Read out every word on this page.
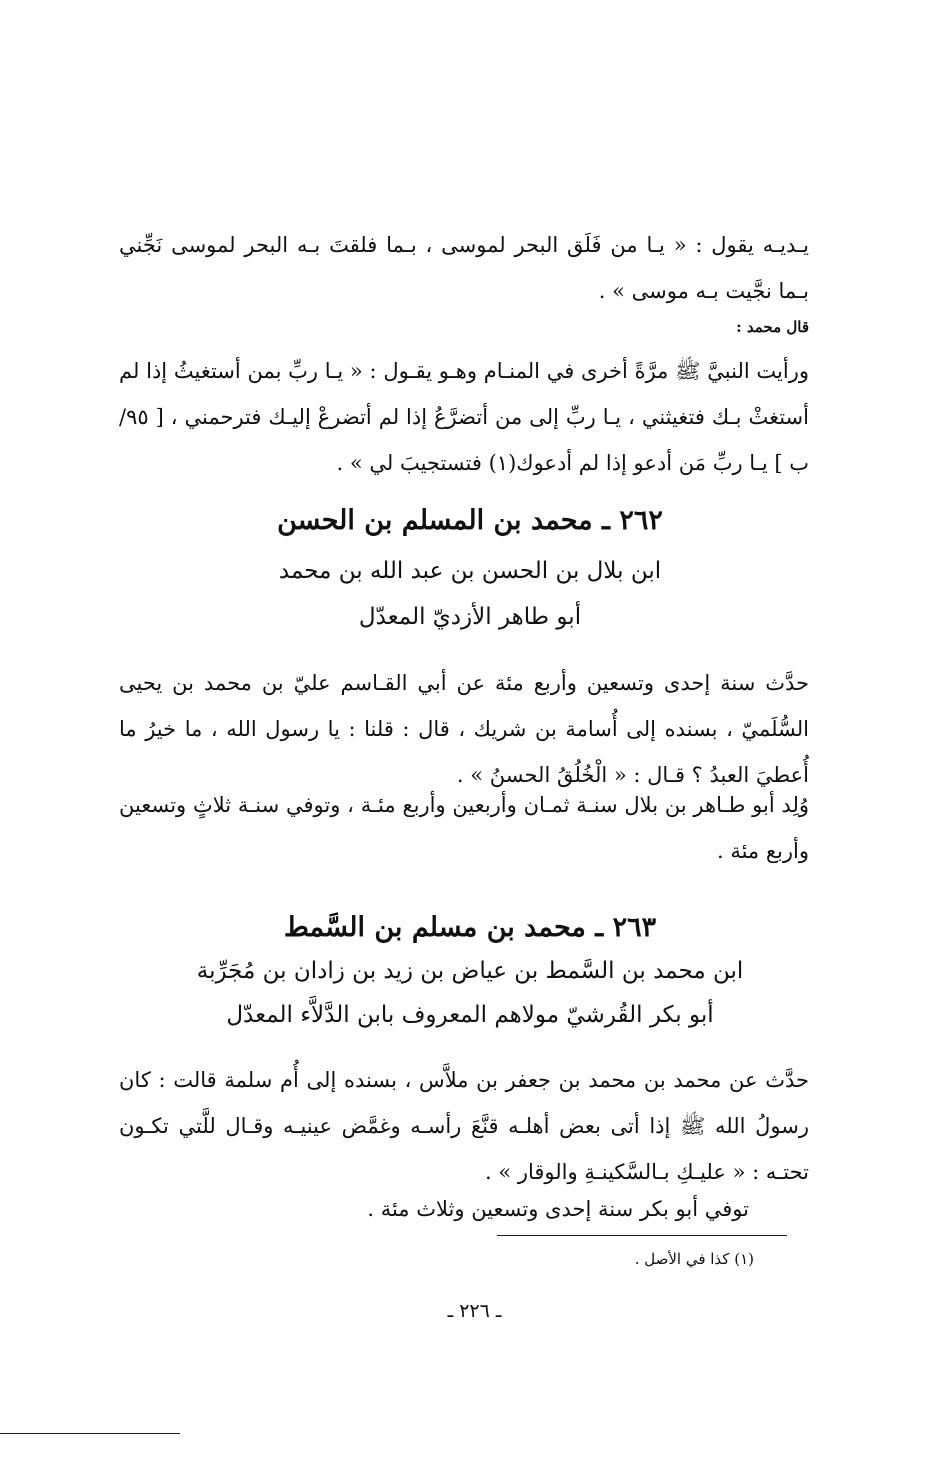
يـديـه يقول : « يـا من فَلَق البحر لموسى ، بـما فلقتَ بـه البحر لموسى نَجِّني بـما نجَّيت بـه موسى » .
قال محمد :
ورأيت النبيَّ ﷺ مرَّةً أخرى في المنـام وهـو يقـول : « يـا ربِّ بمن أستغيثُ إذا لم أستغثْ بـك فتغيثني ، يـا ربِّ إلى من أتضرَّعُ إذا لم أتضرعْ إليـك فترحمني ، [ ٩٥/ب ] يـا ربِّ مَن أدعو إذا لم أدعوك(١) فتستجيبَ لي » .
٢٦٢ ـ محمد بن المسلم بن الحسن
ابن بلال بن الحسن بن عبد الله بن محمد
أبو طاهر الأزديّ المعدّل
حدَّث سنة إحدى وتسعين وأربع مئة عن أبي القـاسم عليّ بن محمد بن يحيى السُّلَميّ ، بسنده إلى أُسامة بن شريك ، قال : قلنا : يا رسول الله ، ما خيرُ ما أُعطيَ العبدُ ؟ قـال : « الْخُلُقُ الحسنُ » .
وُلِد أبو طـاهر بن بلال سنـة ثمـان وأربعين وأربع مئـة ، وتوفي سنـة ثلاثٍ وتسعين وأربع مئة .
٢٦٣ ـ محمد بن مسلم بن السَّمط
ابن محمد بن السَّمط بن عياض بن زيد بن زادان بن مُجَرِّبة
أبو بكر القُرشيّ مولاهم المعروف بابن الدَّلاَّء المعدّل
حدَّث عن محمد بن محمد بن جعفر بن ملاَّس ، بسنده إلى أُم سلمة قالت : كان رسولُ الله ﷺ إذا أتى بعض أهلـه قنَّعَ رأسـه وغمَّض عينيـه وقـال للَّتي تكـون تحتـه : « عليـكِ بـالسَّكينـةِ والوقار » .
توفي أبو بكر سنة إحدى وتسعين وثلاث مئة .
(١) كذا في الأصل .
ـ ٢٢٦ ـ
